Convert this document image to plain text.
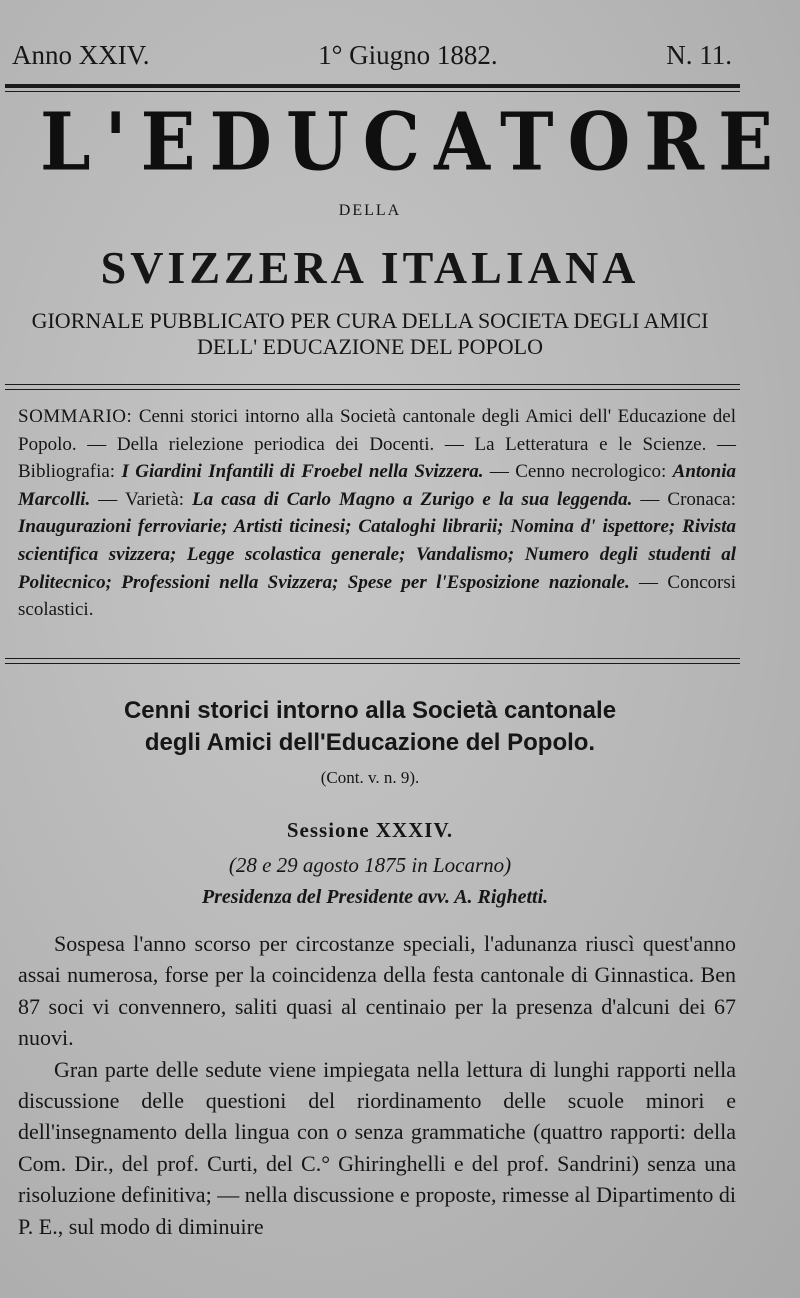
Anno XXIV.	1° Giugno 1882.	N. 11.
L'EDUCATORE
DELLA
SVIZZERA ITALIANA
GIORNALE PUBBLICATO PER CURA DELLA SOCIETA DEGLI AMICI
DELL' EDUCAZIONE DEL POPOLO
SOMMARIO: Cenni storici intorno alla Società cantonale degli Amici dell' Educazione del Popolo. — Della rielezione periodica dei Docenti. — La Letteratura e le Scienze. — Bibliografia: I Giardini Infantili di Froebel nella Svizzera. — Cenno necrologico: Antonia Marcolli. — Varietà: La casa di Carlo Magno a Zurigo e la sua leggenda. — Cronaca: Inaugurazioni ferroviarie; Artisti ticinesi; Cataloghi librarii; Nomina d' ispettore; Rivista scientifica svizzera; Legge scolastica generale; Vandalismo; Numero degli studenti al Politecnico; Professioni nella Svizzera; Spese per l'Esposizione nazionale. — Concorsi scolastici.
Cenni storici intorno alla Società cantonale
degli Amici dell'Educazione del Popolo.
(Cont. v. n. 9).
Sessione XXXIV.
(28 e 29 agosto 1875 in Locarno)
Presidenza del Presidente avv. A. Righetti.

Sospesa l'anno scorso per circostanze speciali, l'adunanza riuscì quest'anno assai numerosa, forse per la coincidenza della festa cantonale di Ginnastica. Ben 87 soci vi convennero, saliti quasi al centinaio per la presenza d'alcuni dei 67 nuovi.

Gran parte delle sedute viene impiegata nella lettura di lunghi rapporti nella discussione delle questioni del riordinamento delle scuole minori e dell'insegnamento della lingua con o senza grammatiche (quattro rapporti: della Com. Dir., del prof. Curti, del C.° Ghiringhelli e del prof. Sandrini) senza una risoluzione definitiva; — nella discussione e proposte, rimesse al Dipartimento di P. E., sul modo di diminuire
